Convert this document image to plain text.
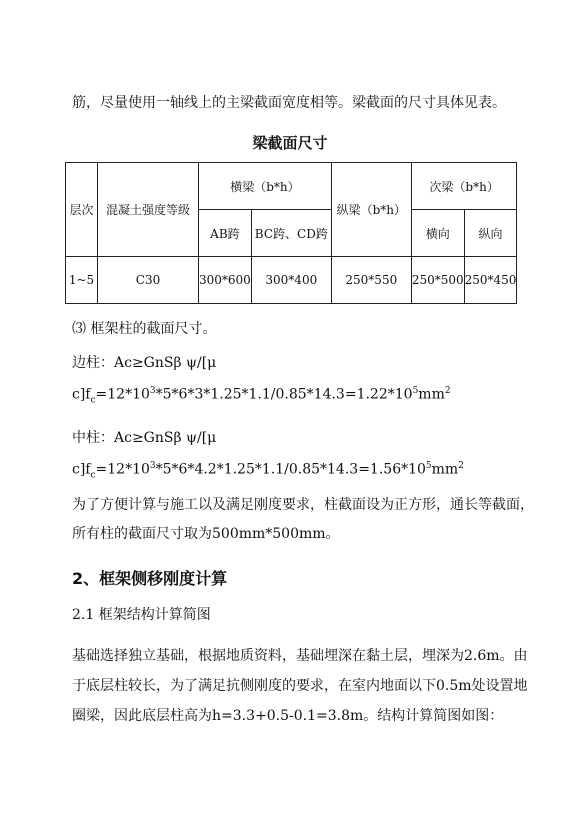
筋，尽量使用一轴线上的主梁截面宽度相等。梁截面的尺寸具体见表。
梁截面尺寸
层次	混凝土强度等级	横梁（b*h）		纵梁（b*h）	次梁（b*h）	
		AB跨	BC跨、CD跨		横向	纵向
1~5	C30	300*600	300*400	250*550	250*500	250*450
⑶ 框架柱的截面尺寸。
边柱：Ac≥GnSβ ψ/[μ
$c]f_c=12*10^3*5*6*3*1.25*1.1/0.85*14.3=1.22*10^5mm^2$
中柱：Ac≥GnSβ ψ/[μ
$c]f_c=12*10^3*5*6*4.2*1.25*1.1/0.85*14.3=1.56*10^5mm^2$
为了方便计算与施工以及满足刚度要求，柱截面设为正方形，通长等截面，
所有柱的截面尺寸取为500mm*500mm。
2、框架侧移刚度计算
2.1 框架结构计算简图
基础选择独立基础，根据地质资料，基础埋深在黏土层，埋深为2.6m。由
于底层柱较长，为了满足抗侧刚度的要求，在室内地面以下0.5m处设置地
圈梁，因此底层柱高为h=3.3+0.5-0.1=3.8m。结构计算简图如图：
